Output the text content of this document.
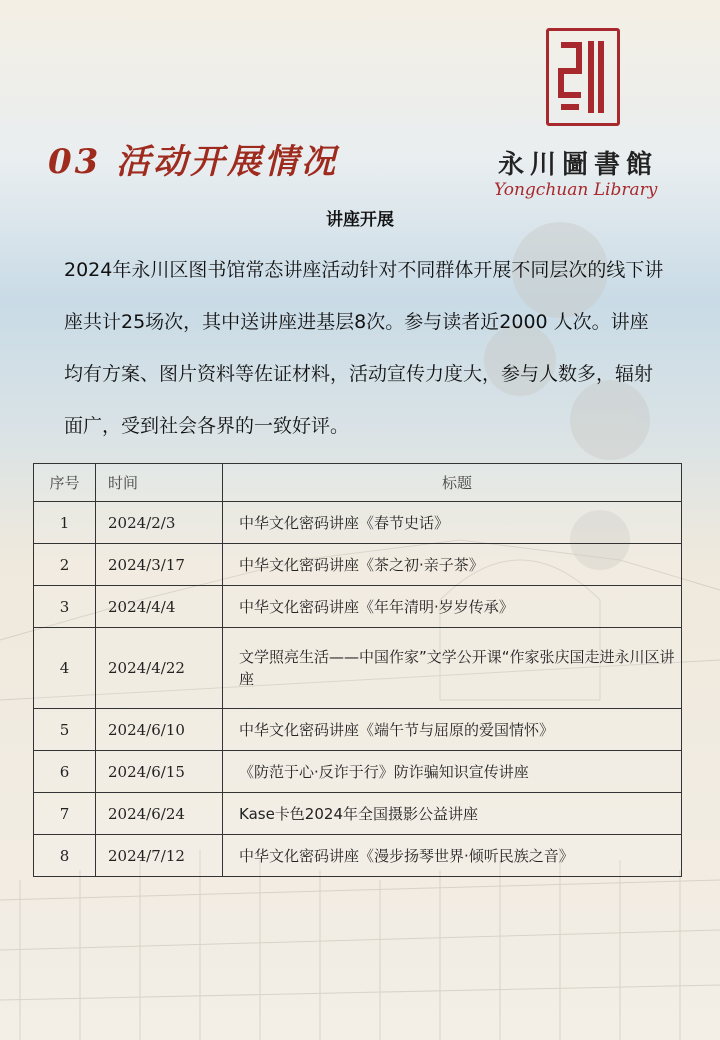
03 活动开展情况	永川圖書館
Yongchuan Library
讲座开展

2024年永川区图书馆常态讲座活动针对不同群体开展不同层次的线下讲座共计25场次，其中送讲座进基层8次。参与读者近2000 人次。讲座均有方案、图片资料等佐证材料，活动宣传力度大，参与人数多，辐射面广，受到社会各界的一致好评。

序号	时间	标题
1	2024/2/3	中华文化密码讲座《春节史话》
2	2024/3/17	中华文化密码讲座《茶之初·亲子茶》
3	2024/4/4	中华文化密码讲座《年年清明·岁岁传承》
4	2024/4/22	文学照亮生活——中国作家”文学公开课“作家张庆国走进永川区讲座
5	2024/6/10	中华文化密码讲座《端午节与屈原的爱国情怀》
6	2024/6/15	《防范于心·反诈于行》防诈骗知识宣传讲座
7	2024/6/24	Kase卡色2024年全国摄影公益讲座
8	2024/7/12	中华文化密码讲座《漫步扬琴世界·倾听民族之音》
